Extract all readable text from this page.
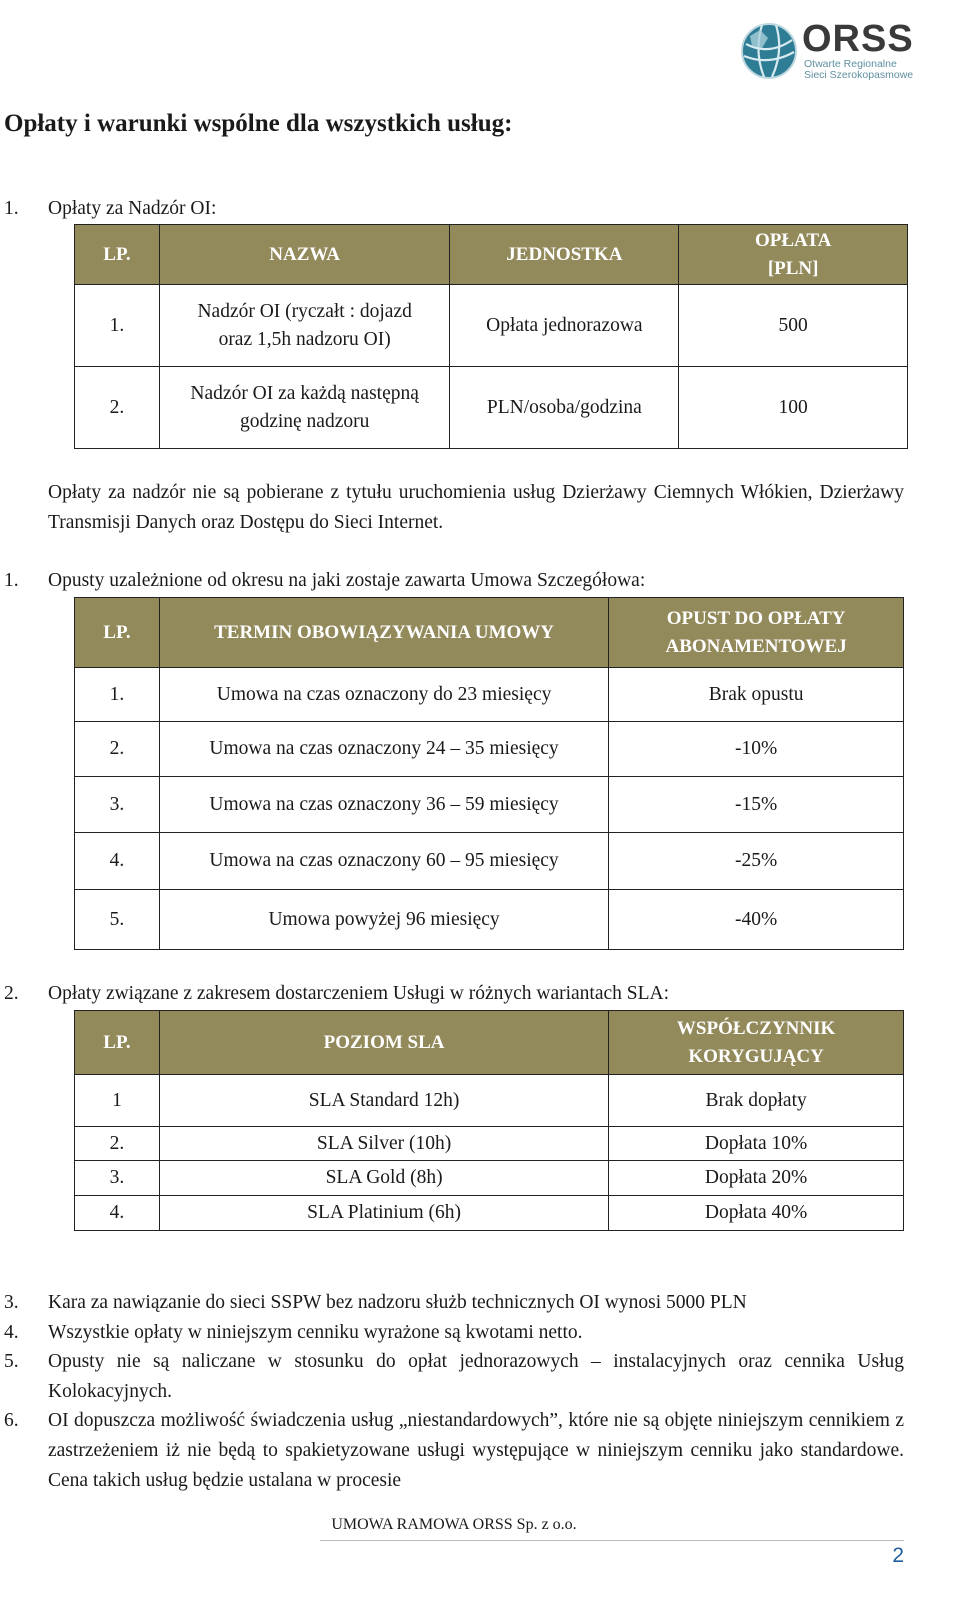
ORSS
Otwarte Regionalne
Sieci Szerokopasmowe
Opłaty i warunki wspólne dla wszystkich usług:
1. Opłaty za Nadzór OI:
LP.	NAZWA	JEDNOSTKA	OPŁATA
[PLN]
1.	Nadzór OI (ryczałt : dojazd
oraz 1,5h nadzoru OI)	Opłata jednorazowa	500
2.	Nadzór OI za każdą następną
godzinę nadzoru	PLN/osoba/godzina	100
Opłaty za nadzór nie są pobierane z tytułu uruchomienia usług Dzierżawy Ciemnych Włókien, Dzierżawy Transmisji Danych oraz Dostępu do Sieci Internet.
1. Opusty uzależnione od okresu na jaki zostaje zawarta Umowa Szczegółowa:
LP.	TERMIN OBOWIĄZYWANIA UMOWY	OPUST DO OPŁATY
ABONAMENTOWEJ
1.	Umowa na czas oznaczony do 23 miesięcy	Brak opustu
2.	Umowa na czas oznaczony 24 – 35 miesięcy	-10%
3.	Umowa na czas oznaczony 36 – 59 miesięcy	-15%
4.	Umowa na czas oznaczony 60 – 95 miesięcy	-25%
5.	Umowa powyżej 96 miesięcy	-40%
2. Opłaty związane z zakresem dostarczeniem Usługi w różnych wariantach SLA:
LP.	POZIOM SLA	WSPÓŁCZYNNIK
KORYGUJĄCY
1	SLA Standard 12h)	Brak dopłaty
2.	SLA Silver (10h)	Dopłata 10%
3.	SLA Gold (8h)	Dopłata 20%
4.	SLA Platinium (6h)	Dopłata 40%
3. Kara za nawiązanie do sieci SSPW bez nadzoru służb technicznych OI wynosi 5000 PLN
4. Wszystkie opłaty w niniejszym cenniku wyrażone są kwotami netto.
5. Opusty nie są naliczane w stosunku do opłat jednorazowych – instalacyjnych oraz cennika Usług Kolokacyjnych.
6. OI dopuszcza możliwość świadczenia usług „niestandardowych”, które nie są objęte niniejszym cennikiem z zastrzeżeniem iż nie będą to spakietyzowane usługi występujące w niniejszym cenniku jako standardowe. Cena takich usług będzie ustalana w procesie
UMOWA RAMOWA ORSS Sp. z o.o.
2
